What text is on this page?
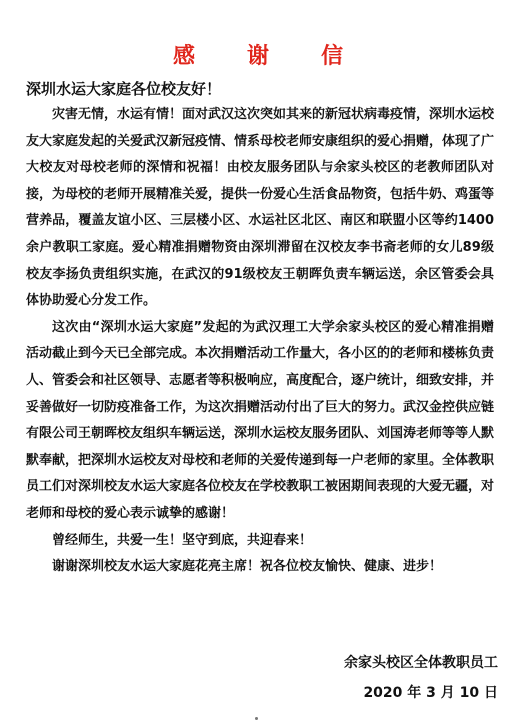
感谢信
深圳水运大家庭各位校友好！

灾害无情，水运有情！面对武汉这次突如其来的新冠状病毒疫情，深圳水运校友大家庭发起的关爱武汉新冠疫情、情系母校老师安康组织的爱心捐赠，体现了广大校友对母校老师的深情和祝福！由校友服务团队与余家头校区的老教师团队对接，为母校的老师开展精准关爱，提供一份爱心生活食品物资，包括牛奶、鸡蛋等营养品，覆盖友谊小区、三层楼小区、水运社区北区、南区和联盟小区等约1400余户教职工家庭。爱心精准捐赠物资由深圳滞留在汉校友李书斋老师的女儿89级校友李扬负责组织实施，在武汉的91级校友王朝晖负责车辆运送，余区管委会具体协助爱心分发工作。

这次由“深圳水运大家庭”发起的为武汉理工大学余家头校区的爱心精准捐赠活动截止到今天已全部完成。本次捐赠活动工作量大，各小区的的老师和楼栋负责人、管委会和社区领导、志愿者等积极响应，高度配合，逐户统计，细致安排，并妥善做好一切防疫准备工作，为这次捐赠活动付出了巨大的努力。武汉金控供应链有限公司王朝晖校友组织车辆运送，深圳水运校友服务团队、刘国涛老师等等人默默奉献，把深圳水运校友对母校和老师的关爱传递到每一户老师的家里。全体教职员工们对深圳校友水运大家庭各位校友在学校教职工被困期间表现的大爱无疆，对老师和母校的爱心表示诚挚的感谢！

曾经师生，共爱一生！坚守到底，共迎春来！

谢谢深圳校友水运大家庭花亮主席！祝各位校友愉快、健康、进步！

余家头校区全体教职员工
2020 年 3 月 10 日
